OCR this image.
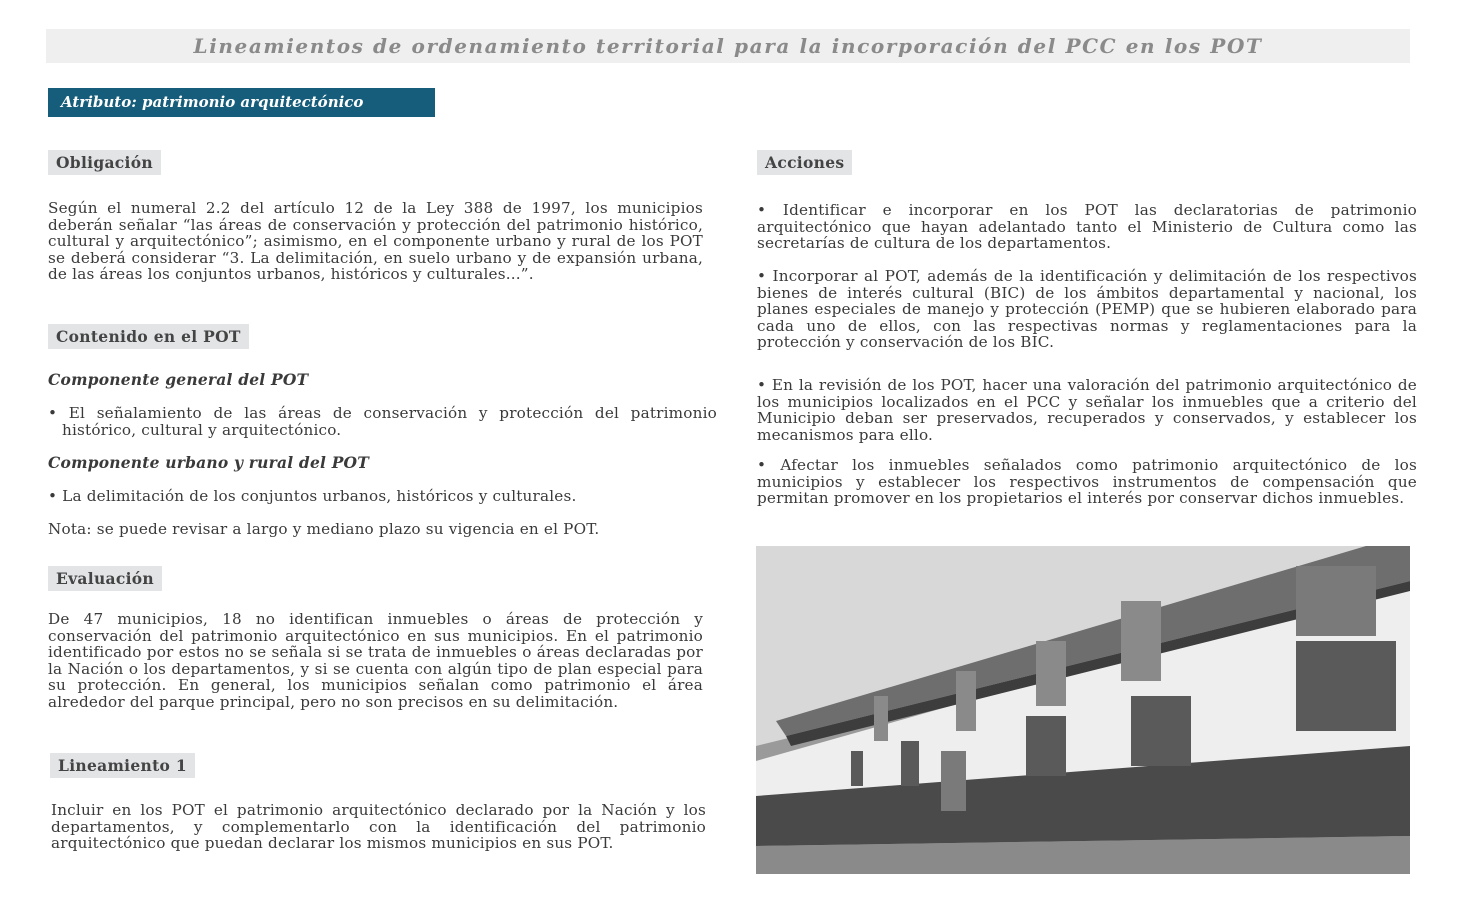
Lineamientos de ordenamiento territorial para la incorporación del PCC en los POT
Atributo: patrimonio arquitectónico
Obligación
Según el numeral 2.2 del artículo 12 de la Ley 388 de 1997, los municipios deberán señalar “las áreas de conservación y protección del patrimonio histórico, cultural y arquitectónico”; asimismo, en el componente urbano y rural de los POT se deberá considerar “3. La delimitación, en suelo urbano y de expansión urbana, de las áreas los conjuntos urbanos, históricos y culturales...”.
Contenido en el POT
Componente general del POT
• El señalamiento de las áreas de conservación y protección del patrimonio histórico, cultural y arquitectónico.
Componente urbano y rural del POT
• La delimitación de los conjuntos urbanos, históricos y culturales.
Nota: se puede revisar a largo y mediano plazo su vigencia en el POT.
Evaluación
De 47 municipios, 18 no identifican inmuebles o áreas de protección y conservación del patrimonio arquitectónico en sus municipios. En el patrimonio identificado por estos no se señala si se trata de inmuebles o áreas declaradas por la Nación o los departamentos, y si se cuenta con algún tipo de plan especial para su protección. En general, los municipios señalan como patrimonio el área alrededor del parque principal, pero no son precisos en su delimitación.
Lineamiento 1
Incluir en los POT el patrimonio arquitectónico declarado por la Nación y los departamentos, y complementarlo con la identificación del patrimonio arquitectónico que puedan declarar los mismos municipios en sus POT.
Acciones
• Identificar e incorporar en los POT las declaratorias de patrimonio arquitectónico que hayan adelantado tanto el Ministerio de Cultura como las secretarías de cultura de los departamentos.
• Incorporar al POT, además de la identificación y delimitación de los respectivos bienes de interés cultural (BIC) de los ámbitos departamental y nacional, los planes especiales de manejo y protección (PEMP) que se hubieren elaborado para cada uno de ellos, con las respectivas normas y reglamentaciones para la protección y conservación de los BIC.
• En la revisión de los POT, hacer una valoración del patrimonio arquitectónico de los municipios localizados en el PCC y señalar los inmuebles que a criterio del Municipio deban ser preservados, recuperados y conservados, y establecer los mecanismos para ello.
• Afectar los inmuebles señalados como patrimonio arquitectónico de los municipios y establecer los respectivos instrumentos de compensación que permitan promover en los propietarios el interés por conservar dichos inmuebles.
